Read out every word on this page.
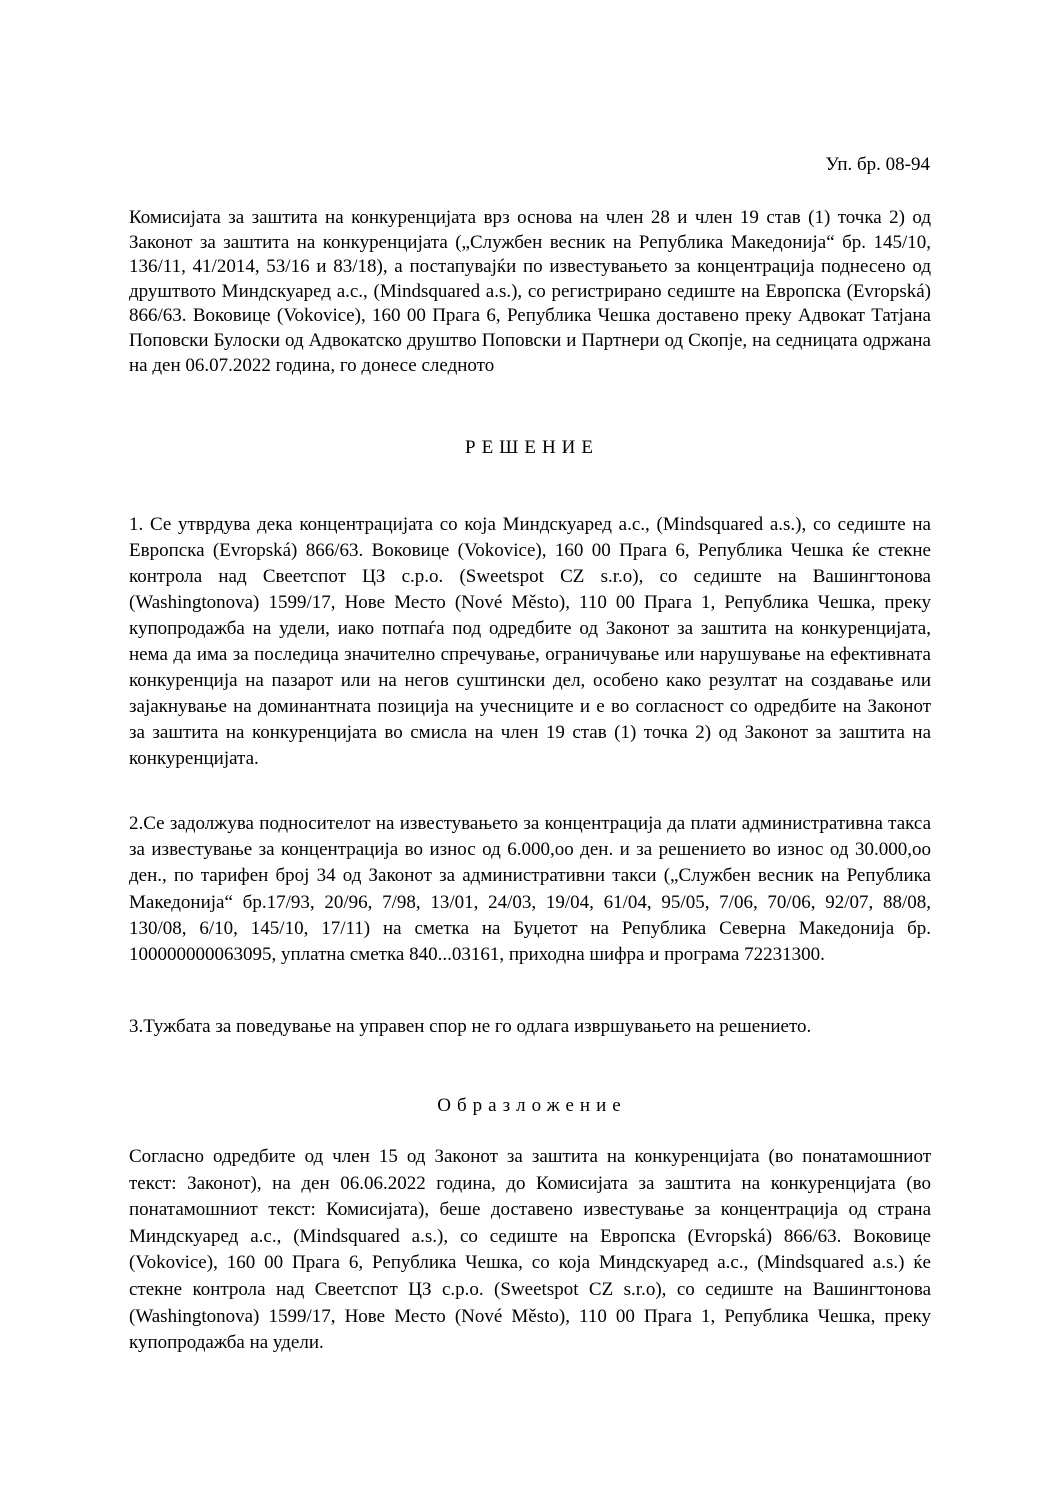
Уп. бр. 08-94

Комисијата за заштита на конкуренцијата врз основа на член 28 и член 19 став (1) точка 2) од Законот за заштита на конкуренцијата („Службен весник на Република Македонија“ бр. 145/10, 136/11, 41/2014, 53/16 и 83/18), а постапувајќи по известувањето за концентрација поднесено од друштвото Миндскуаред а.с., (Mindsquared a.s.), со регистрирано седиште на Европска (Evropská) 866/63. Воковице (Vokovice), 160 00 Прага 6, Република Чешка доставено преку Адвокат Татјана Поповски Булоски од Адвокатско друштво Поповски и Партнери од Скопје, на седницата одржана на ден 06.07.2022 година, го донесе следното

РЕШЕНИЕ

1. Се утврдува дека концентрацијата со која Миндскуаред а.с., (Mindsquared a.s.), со седиште на Европска (Evropská) 866/63. Воковице (Vokovice), 160 00 Прага 6, Република Чешка ќе стекне контрола над Свеетспот ЦЗ с.р.о. (Sweetspot CZ s.r.o), со седиште на Вашингтонова (Washingtonova) 1599/17, Нове Место (Nové Město), 110 00 Прага 1, Република Чешка, преку купопродажба на удели, иако потпаѓа под одредбите од Законот за заштита на конкуренцијата, нема да има за последица значително спречување, ограничување или нарушување на ефективната конкуренција на пазарот или на негов суштински дел, особено како резултат на создавање или зајакнување на доминантната позиција на учесниците и е во согласност со одредбите на Законот за заштита на конкуренцијата во смисла на член 19 став (1) точка 2) од Законот за заштита на конкуренцијата.

2.Се задолжува подносителот на известувањето за концентрација да плати административна такса за известување за концентрација во износ од 6.000,оо ден. и за решението во износ од 30.000,оо ден., по тарифен број 34 од Законот за административни такси („Службен весник на Република Македонија“ бр.17/93, 20/96, 7/98, 13/01, 24/03, 19/04, 61/04, 95/05, 7/06, 70/06, 92/07, 88/08, 130/08, 6/10, 145/10, 17/11) на сметка на Буџетот на Република Северна Македонија бр. 100000000063095, уплатна сметка 840...03161, приходна шифра и програма 72231300.

3.Тужбата за поведување на управен спор не го одлага извршувањето на решението.

Образложение

Согласно одредбите од член 15 од Законот за заштита на конкуренцијата (во понатамошниот текст: Законот), на ден 06.06.2022 година, до Комисијата за заштита на конкуренцијата (во понатамошниот текст: Комисијата), беше доставено известување за концентрација од страна Миндскуаред а.с., (Mindsquared a.s.), со седиште на Европска (Evropská) 866/63. Воковице (Vokovice), 160 00 Прага 6, Република Чешка, со која Миндскуаред а.с., (Mindsquared a.s.) ќе стекне контрола над Свеетспот ЦЗ с.р.о. (Sweetspot CZ s.r.o), со седиште на Вашингтонова (Washingtonova) 1599/17, Нове Место (Nové Město), 110 00 Прага 1, Република Чешка, преку купопродажба на удели.
